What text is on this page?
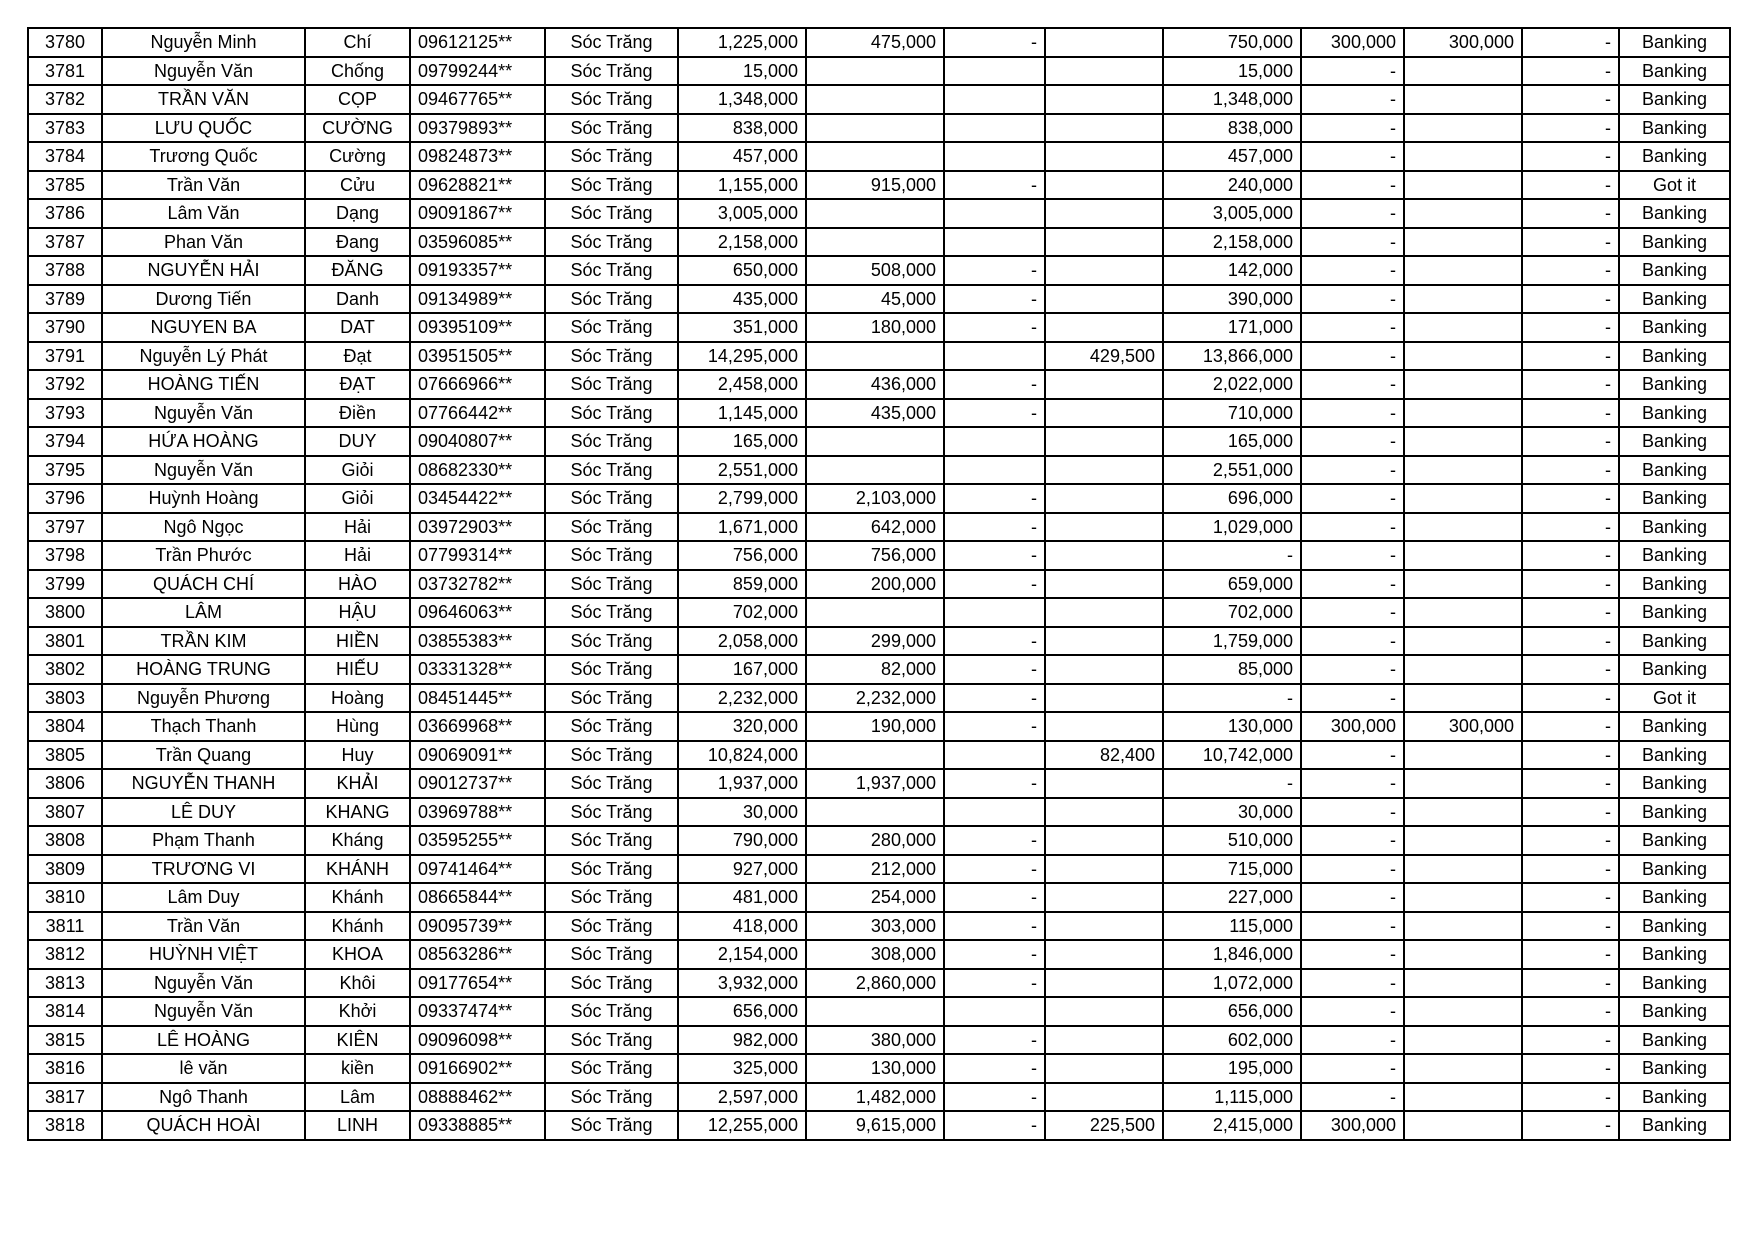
3780	Nguyễn Minh	Chí	09612125**	Sóc Trăng	1,225,000	475,000	-		750,000	300,000	300,000	-	Banking
3781	Nguyễn Văn	Chống	09799244**	Sóc Trăng	15,000				15,000	-		-	Banking
3782	TRẦN VĂN	CỌP	09467765**	Sóc Trăng	1,348,000				1,348,000	-		-	Banking
3783	LƯU QUỐC	CƯỜNG	09379893**	Sóc Trăng	838,000				838,000	-		-	Banking
3784	Trương Quốc	Cường	09824873**	Sóc Trăng	457,000				457,000	-		-	Banking
3785	Trần Văn	Cửu	09628821**	Sóc Trăng	1,155,000	915,000	-		240,000	-		-	Got it
3786	Lâm Văn	Dạng	09091867**	Sóc Trăng	3,005,000				3,005,000	-		-	Banking
3787	Phan Văn	Đang	03596085**	Sóc Trăng	2,158,000				2,158,000	-		-	Banking
3788	NGUYỄN HẢI	ĐĂNG	09193357**	Sóc Trăng	650,000	508,000	-		142,000	-		-	Banking
3789	Dương Tiến	Danh	09134989**	Sóc Trăng	435,000	45,000	-		390,000	-		-	Banking
3790	NGUYEN BA	DAT	09395109**	Sóc Trăng	351,000	180,000	-		171,000	-		-	Banking
3791	Nguyễn Lý Phát	Đạt	03951505**	Sóc Trăng	14,295,000			429,500	13,866,000	-		-	Banking
3792	HOÀNG TIẾN	ĐẠT	07666966**	Sóc Trăng	2,458,000	436,000	-		2,022,000	-		-	Banking
3793	Nguyễn Văn	Điền	07766442**	Sóc Trăng	1,145,000	435,000	-		710,000	-		-	Banking
3794	HỨA HOÀNG	DUY	09040807**	Sóc Trăng	165,000				165,000	-		-	Banking
3795	Nguyễn Văn	Giỏi	08682330**	Sóc Trăng	2,551,000				2,551,000	-		-	Banking
3796	Huỳnh Hoàng	Giỏi	03454422**	Sóc Trăng	2,799,000	2,103,000	-		696,000	-		-	Banking
3797	Ngô Ngọc	Hải	03972903**	Sóc Trăng	1,671,000	642,000	-		1,029,000	-		-	Banking
3798	Trần Phước	Hải	07799314**	Sóc Trăng	756,000	756,000	-		-	-		-	Banking
3799	QUÁCH CHÍ	HÀO	03732782**	Sóc Trăng	859,000	200,000	-		659,000	-		-	Banking
3800	LÂM	HẬU	09646063**	Sóc Trăng	702,000				702,000	-		-	Banking
3801	TRẦN KIM	HIỀN	03855383**	Sóc Trăng	2,058,000	299,000	-		1,759,000	-		-	Banking
3802	HOÀNG TRUNG	HIẾU	03331328**	Sóc Trăng	167,000	82,000	-		85,000	-		-	Banking
3803	Nguyễn Phương	Hoàng	08451445**	Sóc Trăng	2,232,000	2,232,000	-		-	-		-	Got it
3804	Thạch Thanh	Hùng	03669968**	Sóc Trăng	320,000	190,000	-		130,000	300,000	300,000	-	Banking
3805	Trần Quang	Huy	09069091**	Sóc Trăng	10,824,000			82,400	10,742,000	-		-	Banking
3806	NGUYỄN THANH	KHẢI	09012737**	Sóc Trăng	1,937,000	1,937,000	-		-	-		-	Banking
3807	LÊ DUY	KHANG	03969788**	Sóc Trăng	30,000				30,000	-		-	Banking
3808	Phạm Thanh	Kháng	03595255**	Sóc Trăng	790,000	280,000	-		510,000	-		-	Banking
3809	TRƯƠNG VI	KHÁNH	09741464**	Sóc Trăng	927,000	212,000	-		715,000	-		-	Banking
3810	Lâm Duy	Khánh	08665844**	Sóc Trăng	481,000	254,000	-		227,000	-		-	Banking
3811	Trần Văn	Khánh	09095739**	Sóc Trăng	418,000	303,000	-		115,000	-		-	Banking
3812	HUỲNH VIỆT	KHOA	08563286**	Sóc Trăng	2,154,000	308,000	-		1,846,000	-		-	Banking
3813	Nguyễn Văn	Khôi	09177654**	Sóc Trăng	3,932,000	2,860,000	-		1,072,000	-		-	Banking
3814	Nguyễn Văn	Khởi	09337474**	Sóc Trăng	656,000				656,000	-		-	Banking
3815	LÊ HOÀNG	KIÊN	09096098**	Sóc Trăng	982,000	380,000	-		602,000	-		-	Banking
3816	lê văn	kiền	09166902**	Sóc Trăng	325,000	130,000	-		195,000	-		-	Banking
3817	Ngô Thanh	Lâm	08888462**	Sóc Trăng	2,597,000	1,482,000	-		1,115,000	-		-	Banking
3818	QUÁCH HOÀI	LINH	09338885**	Sóc Trăng	12,255,000	9,615,000	-	225,500	2,415,000	300,000		-	Banking
